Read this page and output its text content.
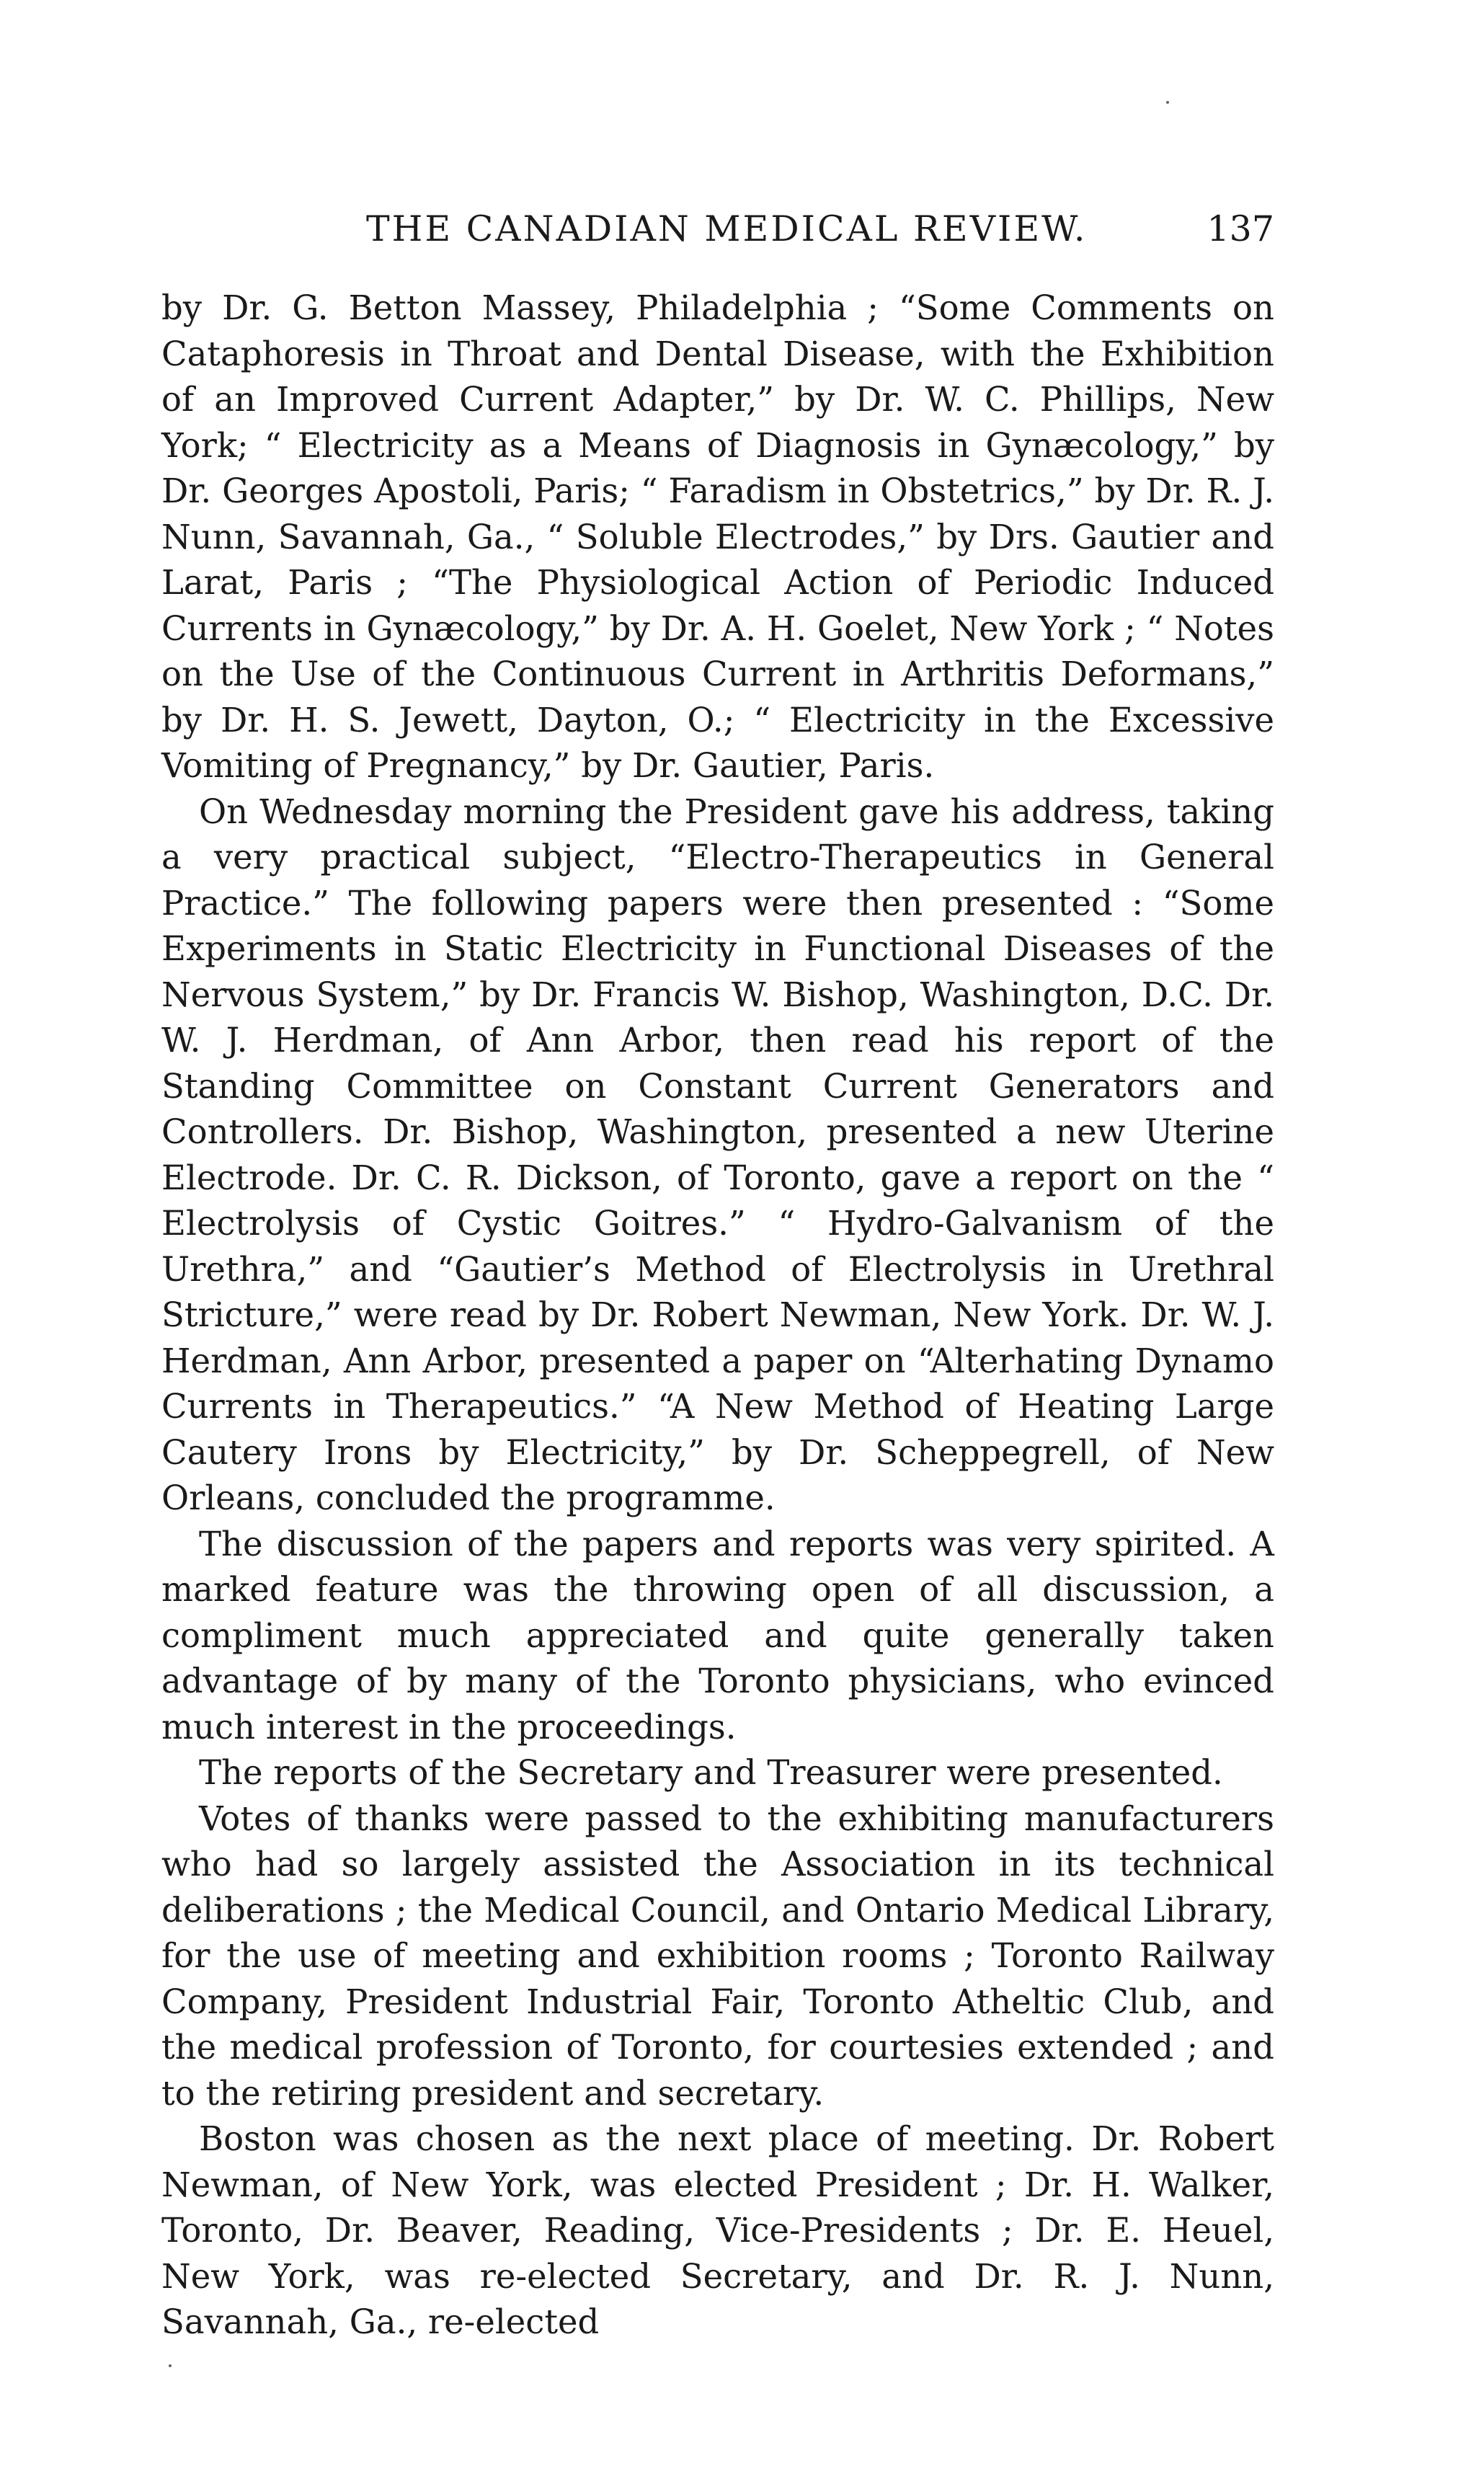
THE CANADIAN MEDICAL REVIEW.	137

by Dr. G. Betton Massey, Philadelphia ; “Some Comments on Cataphoresis in Throat and Dental Disease, with the Exhibition of an Improved Current Adapter,” by Dr. W. C. Phillips, New York; “ Electricity as a Means of Diagnosis in Gynæcology,” by Dr. Georges Apostoli, Paris; “ Faradism in Obstetrics,” by Dr. R. J. Nunn, Savannah, Ga., “ Soluble Electrodes,” by Drs. Gautier and Larat, Paris ; “The Physiological Action of Periodic Induced Currents in Gynæcology,” by Dr. A. H. Goelet, New York ; “ Notes on the Use of the Continuous Current in Arthritis Deformans,” by Dr. H. S. Jewett, Dayton, O.; “ Electricity in the Excessive Vomiting of Pregnancy,” by Dr. Gautier, Paris.

On Wednesday morning the President gave his address, taking a very practical subject, “Electro-Therapeutics in General Practice.” The following papers were then presented : “Some Experiments in Static Electricity in Functional Diseases of the Nervous System,” by Dr. Francis W. Bishop, Washington, D.C. Dr. W. J. Herdman, of Ann Arbor, then read his report of the Standing Committee on Constant Current Generators and Controllers. Dr. Bishop, Washington, presented a new Uterine Electrode. Dr. C. R. Dickson, of Toronto, gave a report on the “ Electrolysis of Cystic Goitres.” “ Hydro-Galvanism of the Urethra,” and “Gautier’s Method of Electrolysis in Urethral Stricture,” were read by Dr. Robert Newman, New York. Dr. W. J. Herdman, Ann Arbor, presented a paper on “Alterhating Dynamo Currents in Therapeutics.” “A New Method of Heating Large Cautery Irons by Electricity,” by Dr. Scheppegrell, of New Orleans, concluded the programme.

The discussion of the papers and reports was very spirited. A marked feature was the throwing open of all discussion, a compliment much appreciated and quite generally taken advantage of by many of the Toronto physicians, who evinced much interest in the proceedings.

The reports of the Secretary and Treasurer were presented.

Votes of thanks were passed to the exhibiting manufacturers who had so largely assisted the Association in its technical deliberations ; the Medical Council, and Ontario Medical Library, for the use of meeting and exhibition rooms ; Toronto Railway Company, President Industrial Fair, Toronto Atheltic Club, and the medical profession of Toronto, for courtesies extended ; and to the retiring president and secretary.

Boston was chosen as the next place of meeting. Dr. Robert Newman, of New York, was elected President ; Dr. H. Walker, Toronto, Dr. Beaver, Reading, Vice-Presidents ; Dr. E. Heuel, New York, was re-elected Secretary, and Dr. R. J. Nunn, Savannah, Ga., re-elected
